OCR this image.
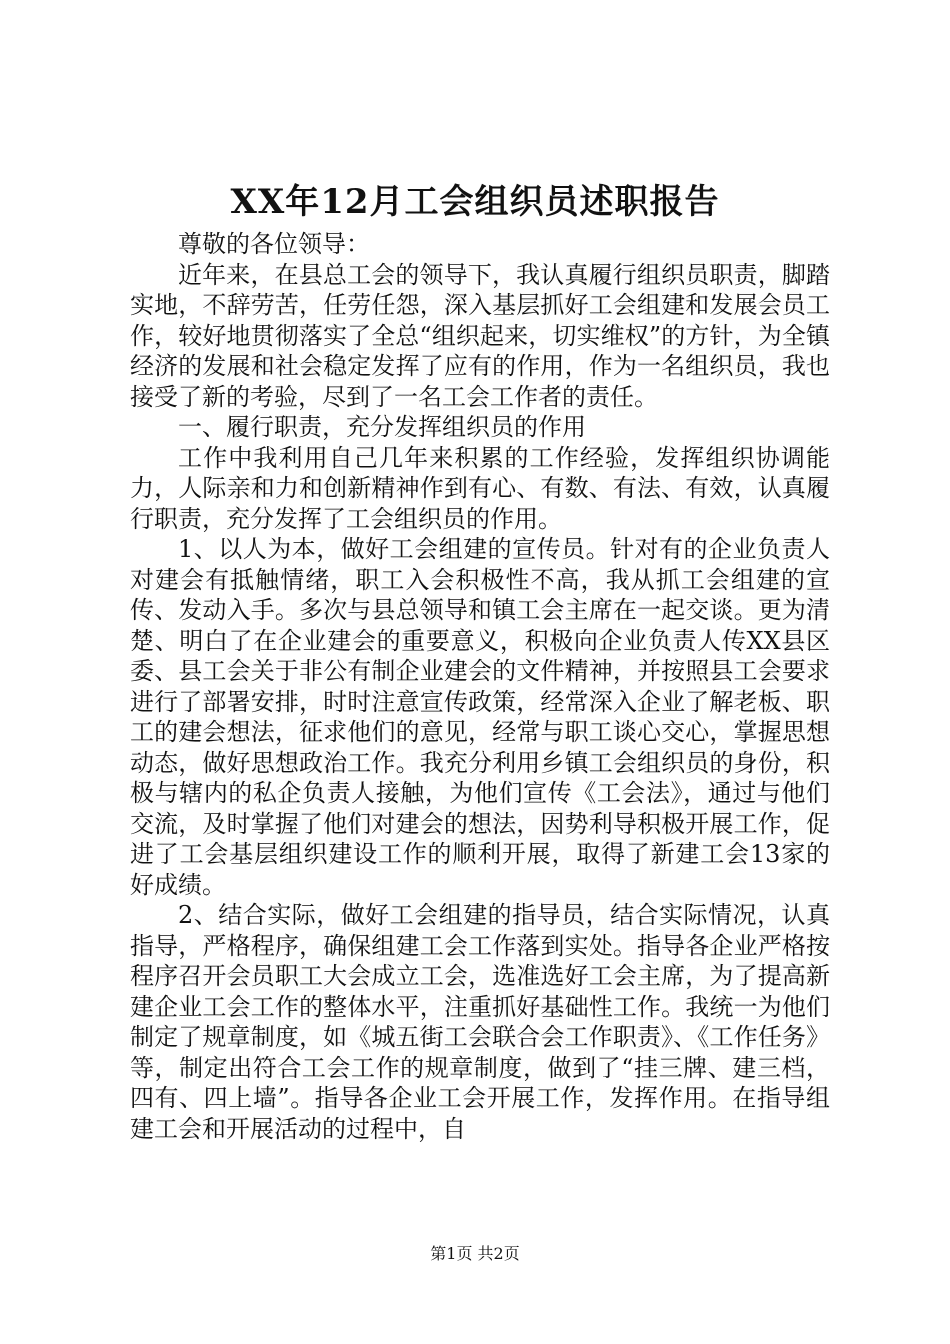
XX年12月工会组织员述职报告

尊敬的各位领导：

近年来，在县总工会的领导下，我认真履行组织员职责，脚踏实地，不辞劳苦，任劳任怨，深入基层抓好工会组建和发展会员工作，较好地贯彻落实了全总“组织起来，切实维权”的方针，为全镇经济的发展和社会稳定发挥了应有的作用，作为一名组织员，我也接受了新的考验，尽到了一名工会工作者的责任。

一、履行职责，充分发挥组织员的作用

工作中我利用自己几年来积累的工作经验，发挥组织协调能力，人际亲和力和创新精神作到有心、有数、有法、有效，认真履行职责，充分发挥了工会组织员的作用。

1、以人为本，做好工会组建的宣传员。针对有的企业负责人对建会有抵触情绪，职工入会积极性不高，我从抓工会组建的宣传、发动入手。多次与县总领导和镇工会主席在一起交谈。更为清楚、明白了在企业建会的重要意义，积极向企业负责人传XX县区委、县工会关于非公有制企业建会的文件精神，并按照县工会要求进行了部署安排，时时注意宣传政策，经常深入企业了解老板、职工的建会想法，征求他们的意见，经常与职工谈心交心，掌握思想动态，做好思想政治工作。我充分利用乡镇工会组织员的身份，积极与辖内的私企负责人接触，为他们宣传《工会法》，通过与他们交流，及时掌握了他们对建会的想法，因势利导积极开展工作，促进了工会基层组织建设工作的顺利开展，取得了新建工会13家的好成绩。

2、结合实际，做好工会组建的指导员，结合实际情况，认真指导，严格程序，确保组建工会工作落到实处。指导各企业严格按程序召开会员职工大会成立工会，选准选好工会主席，为了提高新建企业工会工作的整体水平，注重抓好基础性工作。我统一为他们制定了规章制度，如《城五街工会联合会工作职责》、《工作任务》等，制定出符合工会工作的规章制度，做到了“挂三牌、建三档，四有、四上墙”。指导各企业工会开展工作，发挥作用。在指导组建工会和开展活动的过程中，自

第1页 共2页
